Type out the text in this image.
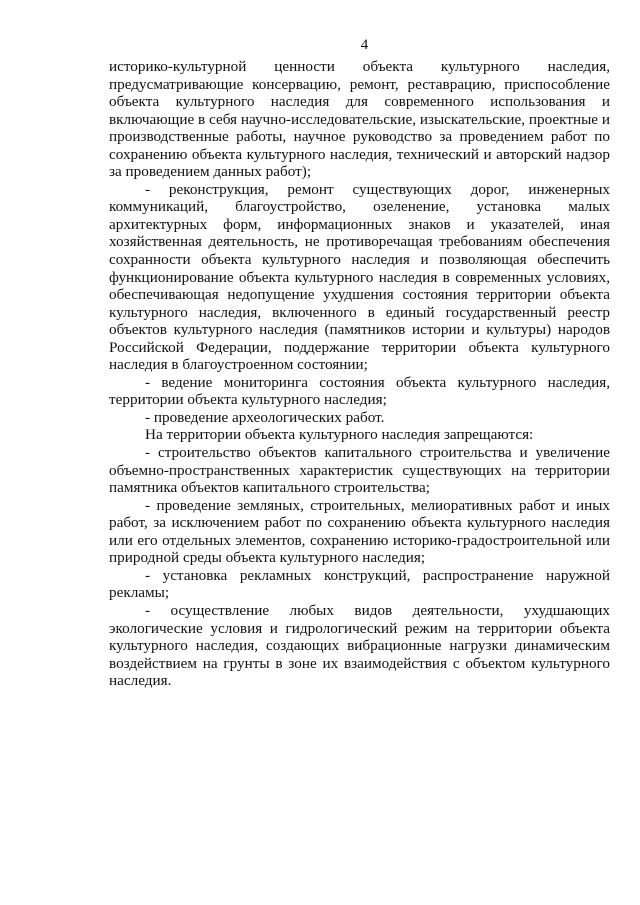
4

историко-культурной ценности объекта культурного наследия, предусматривающие консервацию, ремонт, реставрацию, приспособление объекта культурного наследия для современного использования и включающие в себя научно-исследовательские, изыскательские, проектные и производственные работы, научное руководство за проведением работ по сохранению объекта культурного наследия, технический и авторский надзор за проведением данных работ);

- реконструкция, ремонт существующих дорог, инженерных коммуникаций, благоустройство, озеленение, установка малых архитектурных форм, информационных знаков и указателей, иная хозяйственная деятельность, не противоречащая требованиям обеспечения сохранности объекта культурного наследия и позволяющая обеспечить функционирование объекта культурного наследия в современных условиях, обеспечивающая недопущение ухудшения состояния территории объекта культурного наследия, включенного в единый государственный реестр объектов культурного наследия (памятников истории и культуры) народов Российской Федерации, поддержание территории объекта культурного наследия в благоустроенном состоянии;

- ведение мониторинга состояния объекта культурного наследия, территории объекта культурного наследия;

- проведение археологических работ.

На территории объекта культурного наследия запрещаются:

- строительство объектов капитального строительства и увеличение объемно-пространственных характеристик существующих на территории памятника объектов капитального строительства;

- проведение земляных, строительных, мелиоративных работ и иных работ, за исключением работ по сохранению объекта культурного наследия или его отдельных элементов, сохранению историко-градостроительной или природной среды объекта культурного наследия;

- установка рекламных конструкций, распространение наружной рекламы;

- осуществление любых видов деятельности, ухудшающих экологические условия и гидрологический режим на территории объекта культурного наследия, создающих вибрационные нагрузки динамическим воздействием на грунты в зоне их взаимодействия с объектом культурного наследия.
